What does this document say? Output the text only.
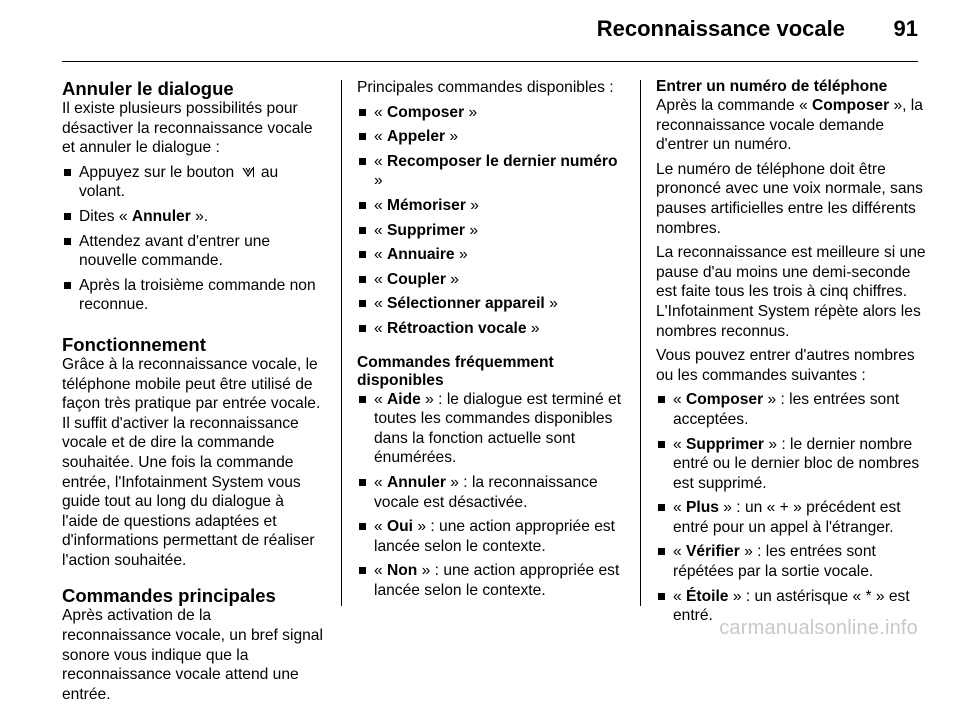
Reconnaissance vocale 91
Annuler le dialogue

Il existe plusieurs possibilités pour désactiver la reconnaissance vocale et annuler le dialogue :

Appuyez sur le bouton  au volant.
Dites « Annuler ».
Attendez avant d'entrer une nouvelle commande.
Après la troisième commande non reconnue.
Fonctionnement

Grâce à la reconnaissance vocale, le téléphone mobile peut être utilisé de façon très pratique par entrée vocale. Il suffit d'activer la reconnaissance vocale et de dire la commande souhaitée. Une fois la commande entrée, l'Infotainment System vous guide tout au long du dialogue à l'aide de questions adaptées et d'informations permettant de réaliser l'action souhaitée.

Commandes principales

Après activation de la reconnaissance vocale, un bref signal sonore vous indique que la reconnaissance vocale attend une entrée.

Principales commandes disponibles :

« Composer »
« Appeler »
« Recomposer le dernier numéro »
« Mémoriser »
« Supprimer »
« Annuaire »
« Coupler »
« Sélectionner appareil »
« Rétroaction vocale »
Commandes fréquemment disponibles
« Aide » : le dialogue est terminé et toutes les commandes disponibles dans la fonction actuelle sont énumérées.
« Annuler » : la reconnaissance vocale est désactivée.
« Oui » : une action appropriée est lancée selon le contexte.
« Non » : une action appropriée est lancée selon le contexte.
Entrer un numéro de téléphone

Après la commande « Composer », la reconnaissance vocale demande d'entrer un numéro.

Le numéro de téléphone doit être prononcé avec une voix normale, sans pauses artificielles entre les différents nombres.

La reconnaissance est meilleure si une pause d'au moins une demi-seconde est faite tous les trois à cinq chiffres. L'Infotainment System répète alors les nombres reconnus.

Vous pouvez entrer d'autres nombres ou les commandes suivantes :

« Composer » : les entrées sont acceptées.
« Supprimer » : le dernier nombre entré ou le dernier bloc de nombres est supprimé.
« Plus » : un « + » précédent est entré pour un appel à l'étranger.
« Vérifier » : les entrées sont répétées par la sortie vocale.
« Étoile » : un astérisque « * » est entré.
carmanualsonline.info
